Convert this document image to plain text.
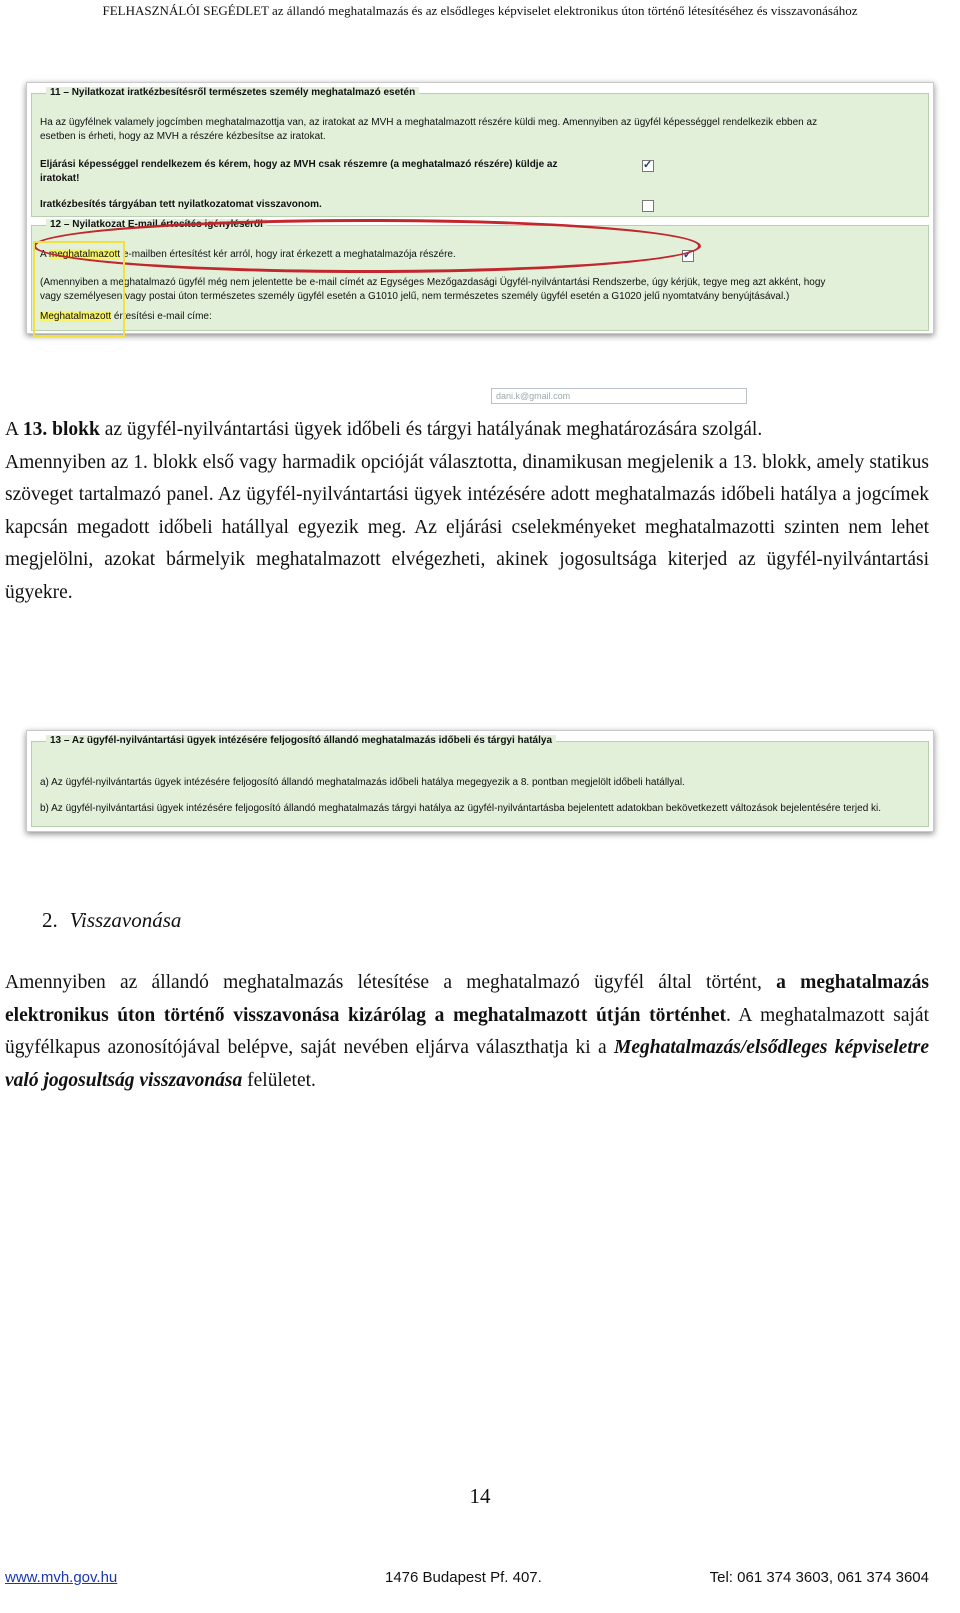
FELHASZNÁLÓI SEGÉDLET az állandó meghatalmazás és az elsődleges képviselet elektronikus úton történő létesítéséhez és visszavonásához
11 – Nyilatkozat iratkézbesítésről természetes személy meghatalmazó esetén
Ha az ügyfélnek valamely jogcímben meghatalmazottja van, az iratokat az MVH a meghatalmazott részére küldi meg. Amennyiben az ügyfél képességgel rendelkezik ebben az
esetben is érheti, hogy az MVH a részére kézbesítse az iratokat.
Eljárási képességgel rendelkezem és kérem, hogy az MVH csak részemre (a meghatalmazó részére) küldje az
iratokat!
✓
Iratkézbesítés tárgyában tett nyilatkozatomat visszavonom.
12 – Nyilatkozat E-mail értesítés igényléséről
A meghatalmazott e-mailben értesítést kér arról, hogy irat érkezett a meghatalmazója részére.
✓
(Amennyiben a meghatalmazó ügyfél még nem jelentette be e-mail címét az Egységes Mezőgazdasági Ügyfél-nyilvántartási Rendszerbe, úgy kérjük, tegye meg azt akként, hogy
vagy személyesen vagy postai úton természetes személy ügyfél esetén a G1010 jelű, nem természetes személy ügyfél esetén a G1020 jelű nyomtatvány benyújtásával.)
Meghatalmazott értesítési e-mail címe:
dani.k@gmail.com

A 13. blokk az ügyfél-nyilvántartási ügyek időbeli és tárgyi hatályának meghatározására szolgál.

Amennyiben az 1. blokk első vagy harmadik opcióját választotta, dinamikusan megjelenik a 13. blokk, amely statikus szöveget tartalmazó panel. Az ügyfél-nyilvántartási ügyek intézésére adott meghatalmazás időbeli hatálya a jogcímek kapcsán megadott időbeli hatállyal egyezik meg. Az eljárási cselekményeket meghatalmazotti szinten nem lehet megjelölni, azokat bármelyik meghatalmazott elvégezheti, akinek jogosultsága kiterjed az ügyfél-nyilvántartási ügyekre.

13 – Az ügyfél-nyilvántartási ügyek intézésére feljogosító állandó meghatalmazás időbeli és tárgyi hatálya
a) Az ügyfél-nyilvántartás ügyek intézésére feljogosító állandó meghatalmazás időbeli hatálya megegyezik a 8. pontban megjelölt időbeli hatállyal.
b) Az ügyfél-nyilvántartási ügyek intézésére feljogosító állandó meghatalmazás tárgyi hatálya az ügyfél-nyilvántartásba bejelentett adatokban bekövetkezett változások bejelentésére terjed ki.
2. Visszavonása

Amennyiben az állandó meghatalmazás létesítése a meghatalmazó ügyfél által történt, a meghatalmazás elektronikus úton történő visszavonása kizárólag a meghatalmazott útján történhet. A meghatalmazott saját ügyfélkapus azonosítójával belépve, saját nevében eljárva választhatja ki a Meghatalmazás/elsődleges képviseletre való jogosultság visszavonása felületet.

14
www.mvh.gov.hu	1476 Budapest Pf. 407.	Tel: 061 374 3603, 061 374 3604
